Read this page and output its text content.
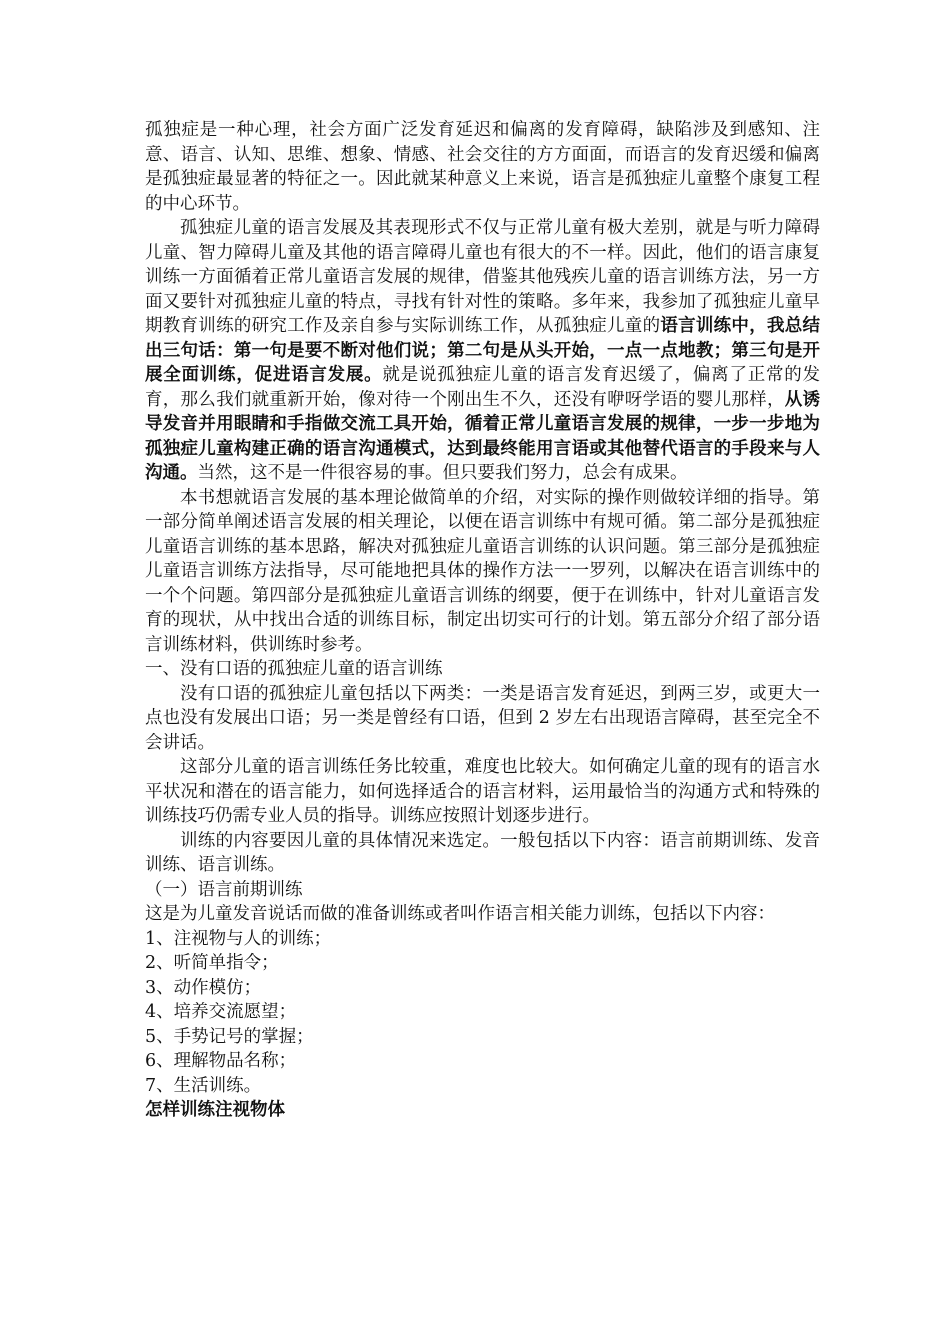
孤独症是一种心理，社会方面广泛发育延迟和偏离的发育障碍，缺陷涉及到感知、注意、语言、认知、思维、想象、情感、社会交往的方方面面，而语言的发育迟缓和偏离是孤独症最显著的特征之一。因此就某种意义上来说，语言是孤独症儿童整个康复工程的中心环节。

孤独症儿童的语言发展及其表现形式不仅与正常儿童有极大差别，就是与听力障碍儿童、智力障碍儿童及其他的语言障碍儿童也有很大的不一样。因此，他们的语言康复训练一方面循着正常儿童语言发展的规律，借鉴其他残疾儿童的语言训练方法，另一方面又要针对孤独症儿童的特点，寻找有针对性的策略。多年来，我参加了孤独症儿童早期教育训练的研究工作及亲自参与实际训练工作，从孤独症儿童的语言训练中，我总结出三句话：第一句是要不断对他们说；第二句是从头开始，一点一点地教；第三句是开展全面训练，促进语言发展。就是说孤独症儿童的语言发育迟缓了，偏离了正常的发育，那么我们就重新开始，像对待一个刚出生不久，还没有咿呀学语的婴儿那样，从诱导发音并用眼睛和手指做交流工具开始，循着正常儿童语言发展的规律，一步一步地为孤独症儿童构建正确的语言沟通模式，达到最终能用言语或其他替代语言的手段来与人沟通。当然，这不是一件很容易的事。但只要我们努力，总会有成果。

本书想就语言发展的基本理论做简单的介绍，对实际的操作则做较详细的指导。第一部分简单阐述语言发展的相关理论，以便在语言训练中有规可循。第二部分是孤独症儿童语言训练的基本思路，解决对孤独症儿童语言训练的认识问题。第三部分是孤独症儿童语言训练方法指导，尽可能地把具体的操作方法一一罗列，以解决在语言训练中的一个个问题。第四部分是孤独症儿童语言训练的纲要，便于在训练中，针对儿童语言发育的现状，从中找出合适的训练目标，制定出切实可行的计划。第五部分介绍了部分语言训练材料，供训练时参考。

一、没有口语的孤独症儿童的语言训练

没有口语的孤独症儿童包括以下两类：一类是语言发育延迟，到两三岁，或更大一点也没有发展出口语；另一类是曾经有口语，但到 2 岁左右出现语言障碍，甚至完全不会讲话。

这部分儿童的语言训练任务比较重，难度也比较大。如何确定儿童的现有的语言水平状况和潜在的语言能力，如何选择适合的语言材料，运用最恰当的沟通方式和特殊的训练技巧仍需专业人员的指导。训练应按照计划逐步进行。

训练的内容要因儿童的具体情况来选定。一般包括以下内容：语言前期训练、发音训练、语言训练。

（一）语言前期训练

这是为儿童发音说话而做的准备训练或者叫作语言相关能力训练，包括以下内容：

1、注视物与人的训练；

2、听简单指令；

3、动作模仿；

4、培养交流愿望；

5、手势记号的掌握；

6、理解物品名称；

7、生活训练。

怎样训练注视物体
